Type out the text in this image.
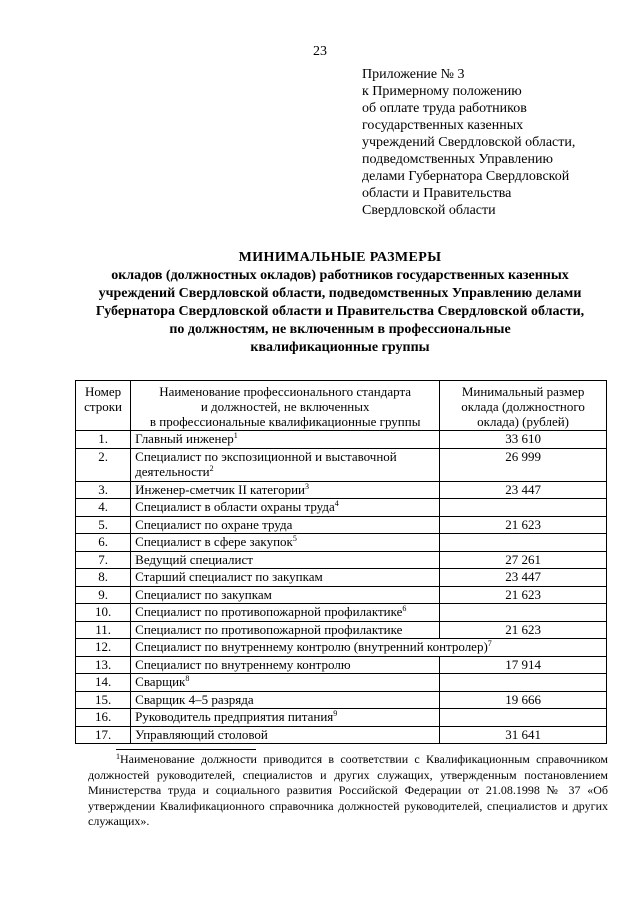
23
Приложение № 3
к Примерному положению
об оплате труда работников
государственных казенных
учреждений Свердловской области,
подведомственных Управлению
делами Губернатора Свердловской
области и Правительства
Свердловской области
МИНИМАЛЬНЫЕ РАЗМЕРЫ
окладов (должностных окладов) работников государственных казенных
учреждений Свердловской области, подведомственных Управлению делами
Губернатора Свердловской области и Правительства Свердловской области,
по должностям, не включенным в профессиональные
квалификационные группы
Номер
строки	Наименование профессионального стандарта
и должностей, не включенных
в профессиональные квалификационные группы	Минимальный размер
оклада (должностного
оклада) (рублей)
1.	Главный инженер$^1$	33 610
2.	Специалист по экспозиционной и выставочной
деятельности$^2$	26 999
3.	Инженер-сметчик II категории$^3$	23 447
4.	Специалист в области охраны труда$^4$	
5.	Специалист по охране труда	21 623
6.	Специалист в сфере закупок$^5$	
7.	Ведущий специалист	27 261
8.	Старший специалист по закупкам	23 447
9.	Специалист по закупкам	21 623
10.	Специалист по противопожарной профилактике$^6$	
11.	Специалист по противопожарной профилактике	21 623
12.	Специалист по внутреннему контролю (внутренний контролер)$^7$
13.	Специалист по внутреннему контролю	17 914
14.	Сварщик$^8$	
15.	Сварщик 4–5 разряда	19 666
16.	Руководитель предприятия питания$^9$	
17.	Управляющий столовой	31 641
$^1$Наименование должности приводится в соответствии с Квалификационным справочником должностей руководителей, специалистов и других служащих, утвержденным постановлением Министерства труда и социального развития Российской Федерации от 21.08.1998 № 37 «Об утверждении Квалификационного справочника должностей руководителей, специалистов и других служащих».
